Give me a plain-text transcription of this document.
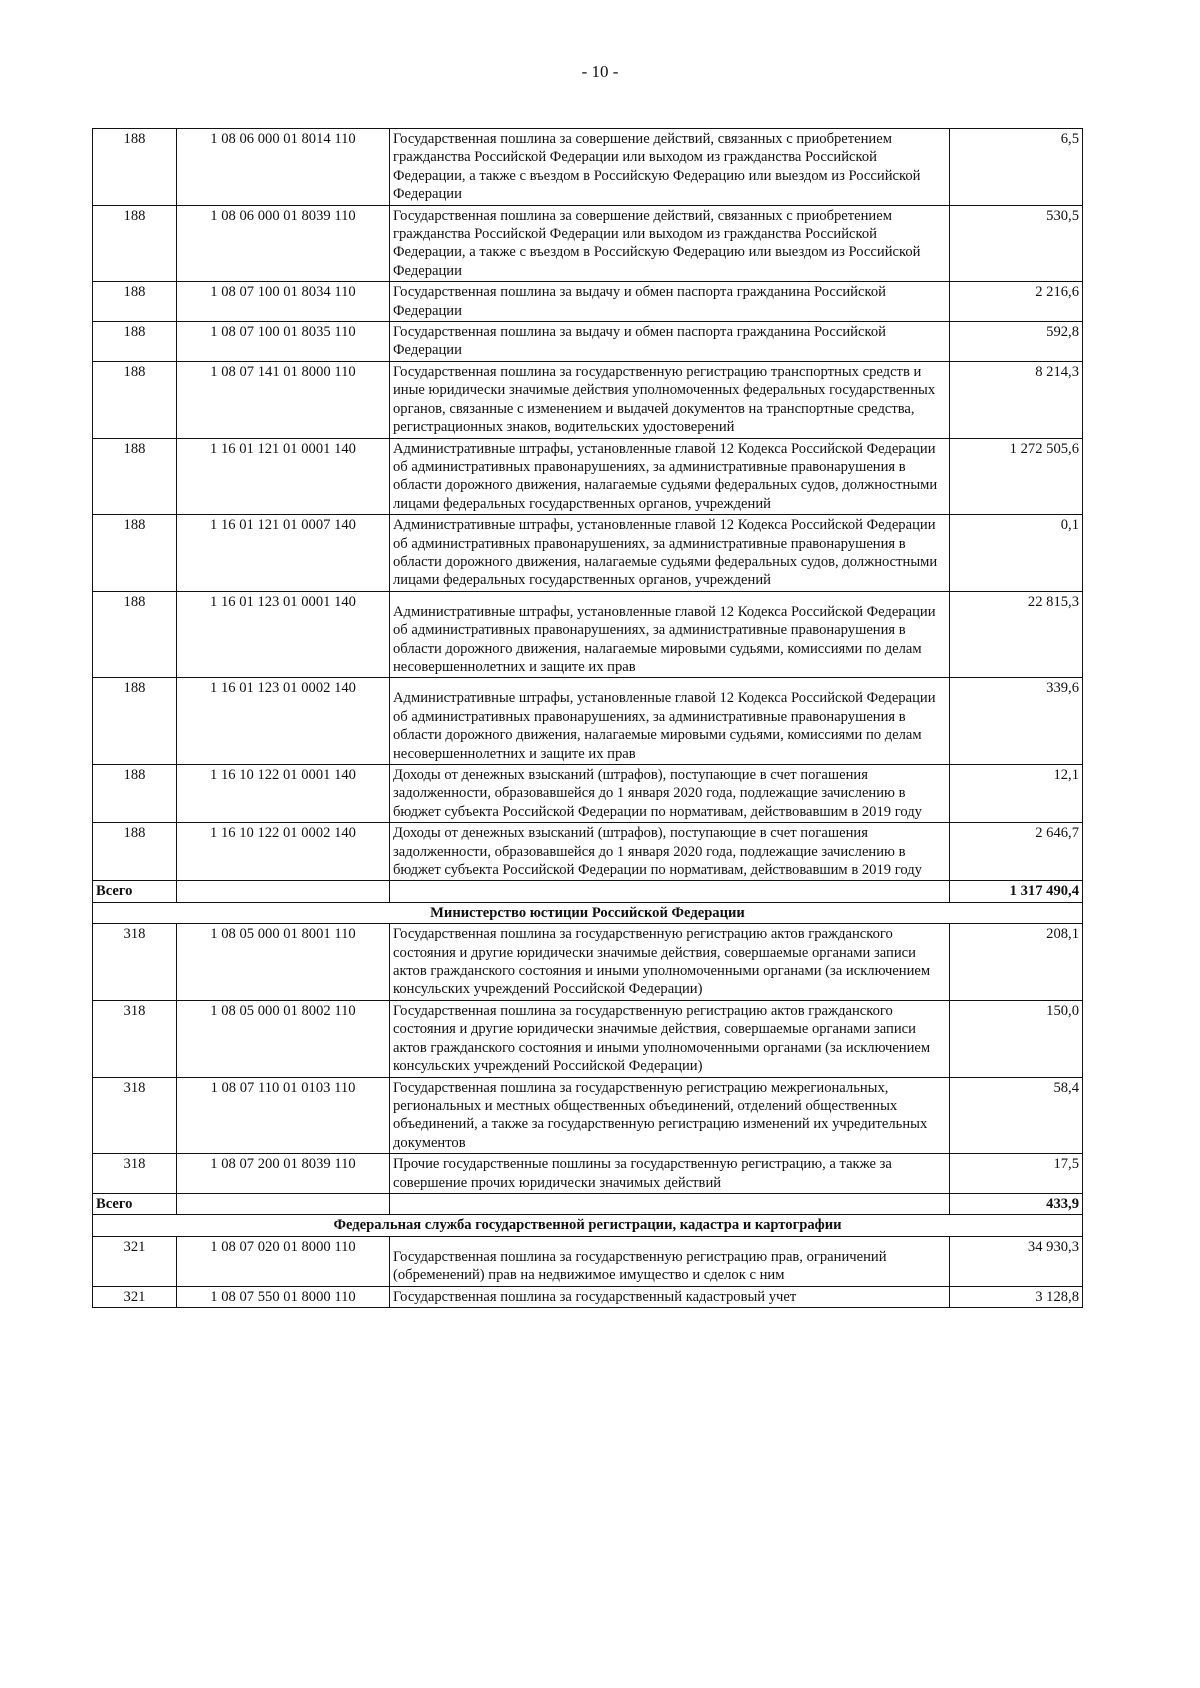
- 10 -
188	1 08 06 000 01 8014 110	Государственная пошлина за совершение действий, связанных с приобретением гражданства Российской Федерации или выходом из гражданства Российской Федерации, а также с въездом в Российскую Федерацию или выездом из Российской Федерации	6,5
188	1 08 06 000 01 8039 110	Государственная пошлина за совершение действий, связанных с приобретением гражданства Российской Федерации или выходом из гражданства Российской Федерации, а также с въездом в Российскую Федерацию или выездом из Российской Федерации	530,5
188	1 08 07 100 01 8034 110	Государственная пошлина за выдачу и обмен паспорта гражданина Российской Федерации	2 216,6
188	1 08 07 100 01 8035 110	Государственная пошлина за выдачу и обмен паспорта гражданина Российской Федерации	592,8
188	1 08 07 141 01 8000 110	Государственная пошлина за государственную регистрацию транспортных средств и иные юридически значимые действия уполномоченных федеральных государственных органов, связанные с изменением и выдачей документов на транспортные средства, регистрационных знаков, водительских удостоверений	8 214,3
188	1 16 01 121 01 0001 140	Административные штрафы, установленные главой 12 Кодекса Российской Федерации об административных правонарушениях, за административные правонарушения в области дорожного движения, налагаемые судьями федеральных судов, должностными лицами федеральных государственных органов, учреждений	1 272 505,6
188	1 16 01 121 01 0007 140	Административные штрафы, установленные главой 12 Кодекса Российской Федерации об административных правонарушениях, за административные правонарушения в области дорожного движения, налагаемые судьями федеральных судов, должностными лицами федеральных государственных органов, учреждений	0,1
188	1 16 01 123 01 0001 140	Административные штрафы, установленные главой 12 Кодекса Российской Федерации об административных правонарушениях, за административные правонарушения в области дорожного движения, налагаемые мировыми судьями, комиссиями по делам несовершеннолетних и защите их прав	22 815,3
188	1 16 01 123 01 0002 140	Административные штрафы, установленные главой 12 Кодекса Российской Федерации об административных правонарушениях, за административные правонарушения в области дорожного движения, налагаемые мировыми судьями, комиссиями по делам несовершеннолетних и защите их прав	339,6
188	1 16 10 122 01 0001 140	Доходы от денежных взысканий (штрафов), поступающие в счет погашения задолженности, образовавшейся до 1 января 2020 года, подлежащие зачислению в бюджет субъекта Российской Федерации по нормативам, действовавшим в 2019 году	12,1
188	1 16 10 122 01 0002 140	Доходы от денежных взысканий (штрафов), поступающие в счет погашения задолженности, образовавшейся до 1 января 2020 года, подлежащие зачислению в бюджет субъекта Российской Федерации по нормативам, действовавшим в 2019 году	2 646,7
Всего			1 317 490,4
Министерство юстиции Российской Федерации			
318	1 08 05 000 01 8001 110	Государственная пошлина за государственную регистрацию актов гражданского состояния и другие юридически значимые действия, совершаемые органами записи актов гражданского состояния и иными уполномоченными органами (за исключением консульских учреждений Российской Федерации)	208,1
318	1 08 05 000 01 8002 110	Государственная пошлина за государственную регистрацию актов гражданского состояния и другие юридически значимые действия, совершаемые органами записи актов гражданского состояния и иными уполномоченными органами (за исключением консульских учреждений Российской Федерации)	150,0
318	1 08 07 110 01 0103 110	Государственная пошлина за государственную регистрацию межрегиональных, региональных и местных общественных объединений, отделений общественных объединений, а также за государственную регистрацию изменений их учредительных документов	58,4
318	1 08 07 200 01 8039 110	Прочие государственные пошлины за государственную регистрацию, а также за совершение прочих юридически значимых действий	17,5
Всего			433,9
Федеральная служба государственной регистрации, кадастра и картографии			
321	1 08 07 020 01 8000 110	Государственная пошлина за государственную регистрацию прав, ограничений (обременений) прав на недвижимое имущество и сделок с ним	34 930,3
321	1 08 07 550 01 8000 110	Государственная пошлина за государственный кадастровый учет	3 128,8
